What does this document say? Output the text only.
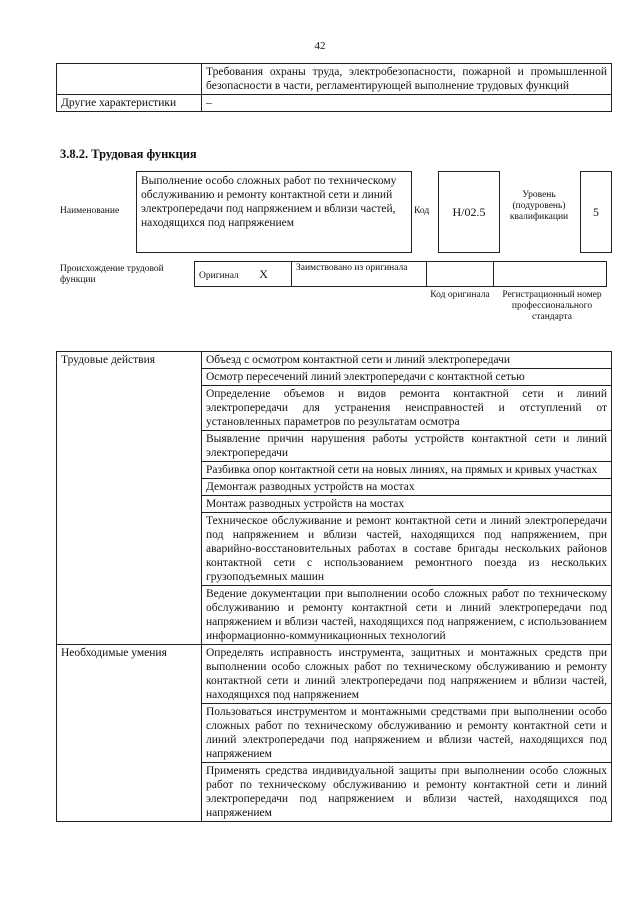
42
	Требования охраны труда, электробезопасности, пожарной и промышленной безопасности в части, регламентирующей выполнение трудовых функций
Другие характеристики	–
3.8.2. Трудовая функция
Наименование
Выполнение особо сложных работ по техническому обслуживанию и ремонту контактной сети и линий электропередачи под напряжением и вблизи частей, находящихся под напряжением
Код H/02.5
Уровень (подуровень) квалификации	5
Происхождение трудовой функции	Оригинал X	Заимствовано из оригинала		
Код оригинала	Регистрационный номер профессионального стандарта
Трудовые действия	Объезд с осмотром контактной сети и линий электропередачи
	Осмотр пересечений линий электропередачи с контактной сетью
	Определение объемов и видов ремонта контактной сети и линий электропередачи для устранения неисправностей и отступлений от установленных параметров по результатам осмотра
	Выявление причин нарушения работы устройств контактной сети и линий электропередачи
	Разбивка опор контактной сети на новых линиях, на прямых и кривых участках
	Демонтаж разводных устройств на мостах
	Монтаж разводных устройств на мостах
	Техническое обслуживание и ремонт контактной сети и линий электропередачи под напряжением и вблизи частей, находящихся под напряжением, при аварийно-восстановительных работах в составе бригады нескольких районов контактной сети с использованием ремонтного поезда из нескольких грузоподъемных машин
	Ведение документации при выполнении особо сложных работ по техническому обслуживанию и ремонту контактной сети и линий электропередачи под напряжением и вблизи частей, находящихся под напряжением, с использованием информационно-коммуникационных технологий
Необходимые умения	Определять исправность инструмента, защитных и монтажных средств при выполнении особо сложных работ по техническому обслуживанию и ремонту контактной сети и линий электропередачи под напряжением и вблизи частей, находящихся под напряжением
	Пользоваться инструментом и монтажными средствами при выполнении особо сложных работ по техническому обслуживанию и ремонту контактной сети и линий электропередачи под напряжением и вблизи частей, находящихся под напряжением
	Применять средства индивидуальной защиты при выполнении особо сложных работ по техническому обслуживанию и ремонту контактной сети и линий электропередачи под напряжением и вблизи частей, находящихся под напряжением
